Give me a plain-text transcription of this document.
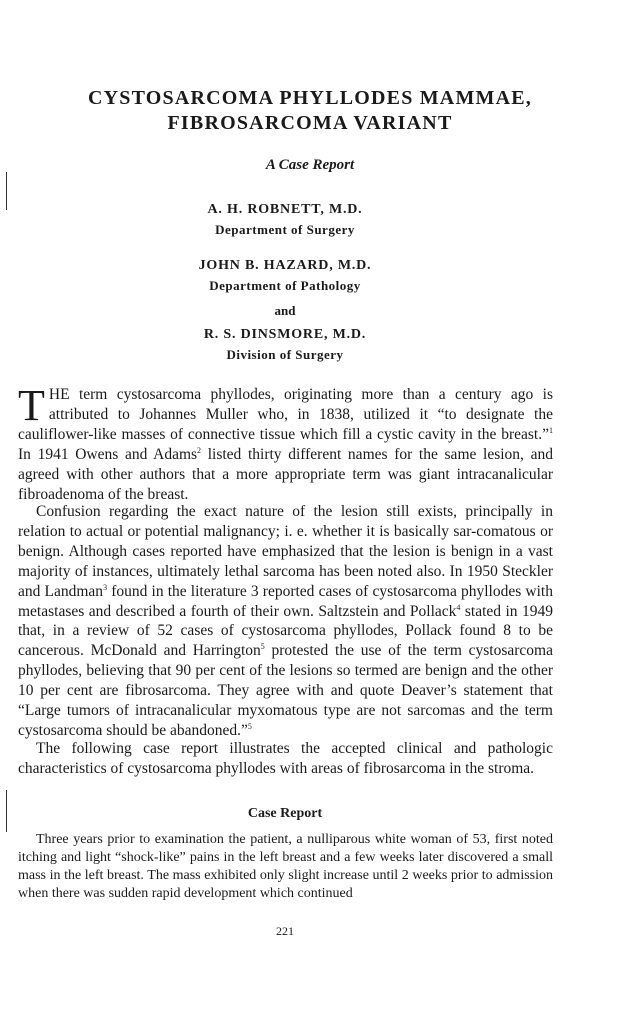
CYSTOSARCOMA PHYLLODES MAMMAE,
FIBROSARCOMA VARIANT

A Case Report

A. H. ROBNETT, M.D.
Department of Surgery
JOHN B. HAZARD, M.D.
Department of Pathology
and
R. S. DINSMORE, M.D.
Division of Surgery

THE term cystosarcoma phyllodes, originating more than a century ago is attributed to Johannes Muller who, in 1838, utilized it “to designate the cauliflower-like masses of connective tissue which fill a cystic cavity in the breast.”$^1$ In 1941 Owens and Adams$^2$ listed thirty different names for the same lesion, and agreed with other authors that a more appropriate term was giant intracanalicular fibroadenoma of the breast.

Confusion regarding the exact nature of the lesion still exists, principally in relation to actual or potential malignancy; i. e. whether it is basically sar-comatous or benign. Although cases reported have emphasized that the lesion is benign in a vast majority of instances, ultimately lethal sarcoma has been noted also. In 1950 Steckler and Landman$^3$ found in the literature 3 reported cases of cystosarcoma phyllodes with metastases and described a fourth of their own. Saltzstein and Pollack$^4$ stated in 1949 that, in a review of 52 cases of cystosarcoma phyllodes, Pollack found 8 to be cancerous. McDonald and Harrington$^5$ protested the use of the term cystosarcoma phyllodes, believing that 90 per cent of the lesions so termed are benign and the other 10 per cent are fibrosarcoma. They agree with and quote Deaver’s statement that “Large tumors of intracanalicular myxomatous type are not sarcomas and the term cystosarcoma should be abandoned.”$^5$

The following case report illustrates the accepted clinical and pathologic characteristics of cystosarcoma phyllodes with areas of fibrosarcoma in the stroma.

Case Report

Three years prior to examination the patient, a nulliparous white woman of 53, first noted itching and light “shock-like” pains in the left breast and a few weeks later discovered a small mass in the left breast. The mass exhibited only slight increase until 2 weeks prior to admission when there was sudden rapid development which continued

221
